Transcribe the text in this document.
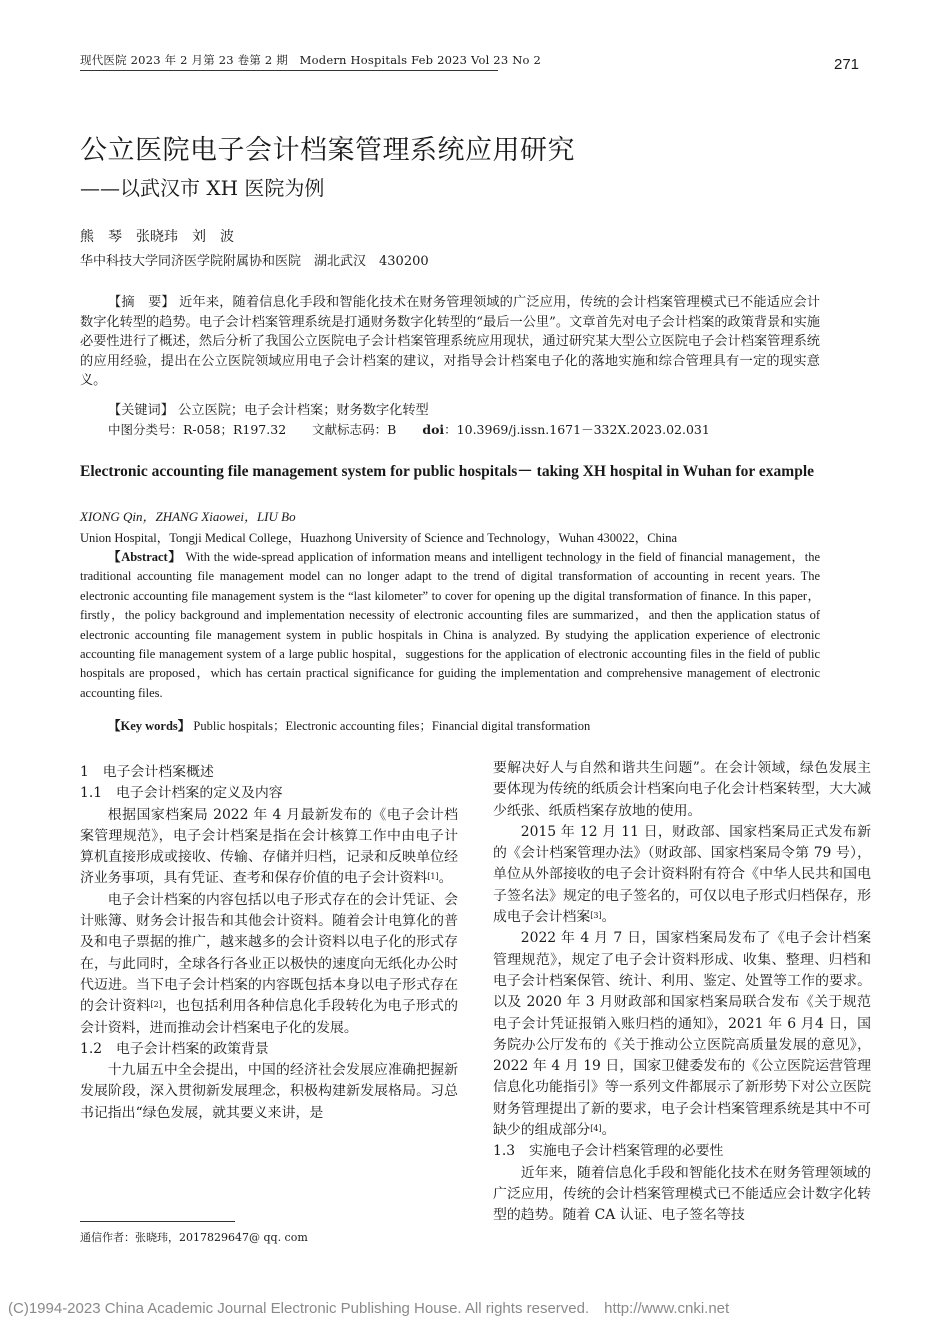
现代医院 2023 年 2 月第 23 卷第 2 期　Modern Hospitals Feb 2023 Vol 23 No 2	271
公立医院电子会计档案管理系统应用研究
——以武汉市 XH 医院为例
熊　琴　张晓玮　刘　波
华中科技大学同济医学院附属协和医院　湖北武汉　430200
【摘　要】 近年来，随着信息化手段和智能化技术在财务管理领域的广泛应用，传统的会计档案管理模式已不能适应会计数字化转型的趋势。电子会计档案管理系统是打通财务数字化转型的“最后一公里”。文章首先对电子会计档案的政策背景和实施必要性进行了概述，然后分析了我国公立医院电子会计档案管理系统应用现状，通过研究某大型公立医院电子会计档案管理系统的应用经验，提出在公立医院领域应用电子会计档案的建议，对指导会计档案电子化的落地实施和综合管理具有一定的现实意义。
【关键词】 公立医院；电子会计档案；财务数字化转型
中图分类号：R-058；R197.32 文献标志码：B doi：10.3969/j.issn.1671－332X.2023.02.031
Electronic accounting file management system for public hospitals－ taking XH hospital in Wuhan for example
XIONG Qin，ZHANG Xiaowei，LIU Bo
Union Hospital，Tongji Medical College，Huazhong University of Science and Technology，Wuhan 430022，China
【Abstract】 With the wide-spread application of information means and intelligent technology in the field of financial management，the traditional accounting file management model can no longer adapt to the trend of digital transformation of accounting in recent years. The electronic accounting file management system is the “last kilometer” to cover for opening up the digital transformation of finance. In this paper，firstly，the policy background and implementation necessity of electronic accounting files are summarized，and then the application status of electronic accounting file management system in public hospitals in China is analyzed. By studying the application experience of electronic accounting file management system of a large public hospital，suggestions for the application of electronic accounting files in the field of public hospitals are proposed，which has certain practical significance for guiding the implementation and comprehensive management of electronic accounting files.
【Key words】 Public hospitals；Electronic accounting files；Financial digital transformation

1　电子会计档案概述

1.1　电子会计档案的定义及内容

根据国家档案局 2022 年 4 月最新发布的《电子会计档案管理规范》，电子会计档案是指在会计核算工作中由电子计算机直接形成或接收、传输、存储并归档，记录和反映单位经济业务事项，具有凭证、查考和保存价值的电子会计资料[1]。

电子会计档案的内容包括以电子形式存在的会计凭证、会计账簿、财务会计报告和其他会计资料。随着会计电算化的普及和电子票据的推广，越来越多的会计资料以电子化的形式存在，与此同时，全球各行各业正以极快的速度向无纸化办公时代迈进。当下电子会计档案的内容既包括本身以电子形式存在的会计资料[2]，也包括利用各种信息化手段转化为电子形式的会计资料，进而推动会计档案电子化的发展。

1.2　电子会计档案的政策背景

十九届五中全会提出，中国的经济社会发展应准确把握新发展阶段，深入贯彻新发展理念，积极构建新发展格局。习总书记指出“绿色发展，就其要义来讲，是

要解决好人与自然和谐共生问题”。在会计领域，绿色发展主要体现为传统的纸质会计档案向电子化会计档案转型，大大减少纸张、纸质档案存放地的使用。

2015 年 12 月 11 日，财政部、国家档案局正式发布新的《会计档案管理办法》（财政部、国家档案局令第 79 号），单位从外部接收的电子会计资料附有符合《中华人民共和国电子签名法》规定的电子签名的，可仅以电子形式归档保存，形成电子会计档案[3]。

2022 年 4 月 7 日，国家档案局发布了《电子会计档案管理规范》，规定了电子会计资料形成、收集、整理、归档和电子会计档案保管、统计、利用、鉴定、处置等工作的要求。以及 2020 年 3 月财政部和国家档案局联合发布《关于规范电子会计凭证报销入账归档的通知》，2021 年 6 月4 日，国务院办公厅发布的《关于推动公立医院高质量发展的意见》，2022 年 4 月 19 日，国家卫健委发布的《公立医院运营管理信息化功能指引》等一系列文件都展示了新形势下对公立医院财务管理提出了新的要求，电子会计档案管理系统是其中不可缺少的组成部分[4]。

1.3　实施电子会计档案管理的必要性

近年来，随着信息化手段和智能化技术在财务管理领域的广泛应用，传统的会计档案管理模式已不能适应会计数字化转型的趋势。随着 CA 认证、电子签名等技

通信作者：张晓玮，2017829647@ qq. com
(C)1994-2023 China Academic Journal Electronic Publishing House. All rights reserved.　http://www.cnki.net
